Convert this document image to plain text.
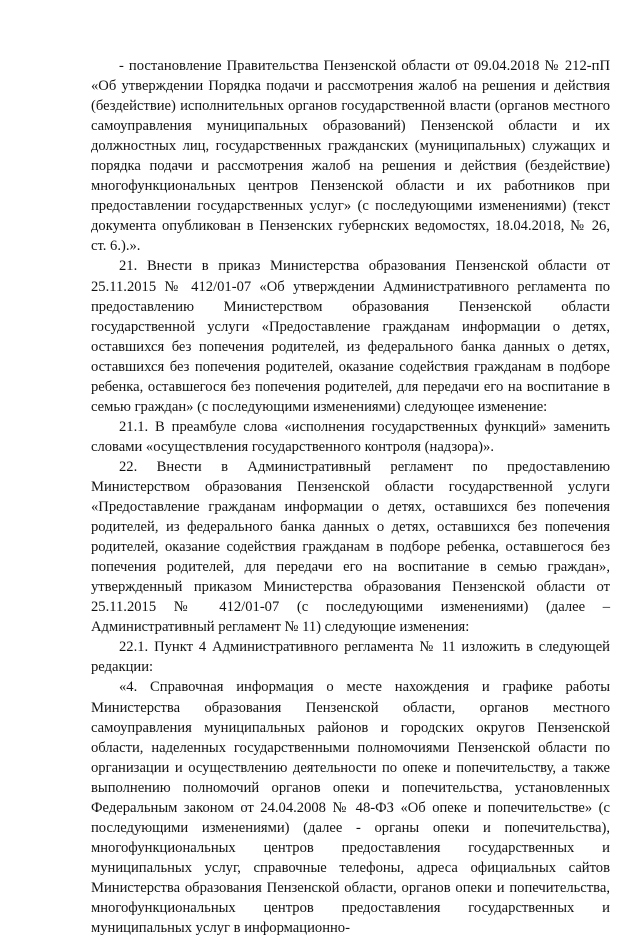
- постановление Правительства Пензенской области от 09.04.2018 № 212-пП «Об утверждении Порядка подачи и рассмотрения жалоб на решения и действия (бездействие) исполнительных органов государственной власти (органов местного самоуправления муниципальных образований) Пензенской области и их должностных лиц, государственных гражданских (муниципальных) служащих и порядка подачи и рассмотрения жалоб на решения и действия (бездействие) многофункциональных центров Пензенской области и их работников при предоставлении государственных услуг» (с последующими изменениями) (текст документа опубликован в Пензенских губернских ведомостях, 18.04.2018, № 26, ст. 6.).».

21. Внести в приказ Министерства образования Пензенской области от 25.11.2015 № 412/01-07 «Об утверждении Административного регламента по предоставлению Министерством образования Пензенской области государственной услуги «Предоставление гражданам информации о детях, оставшихся без попечения родителей, из федерального банка данных о детях, оставшихся без попечения родителей, оказание содействия гражданам в подборе ребенка, оставшегося без попечения родителей, для передачи его на воспитание в семью граждан» (с последующими изменениями) следующее изменение:

21.1. В преамбуле слова «исполнения государственных функций» заменить словами «осуществления государственного контроля (надзора)».

22. Внести в Административный регламент по предоставлению Министерством образования Пензенской области государственной услуги «Предоставление гражданам информации о детях, оставшихся без попечения родителей, из федерального банка данных о детях, оставшихся без попечения родителей, оказание содействия гражданам в подборе ребенка, оставшегося без попечения родителей, для передачи его на воспитание в семью граждан», утвержденный приказом Министерства образования Пензенской области от 25.11.2015 № 412/01-07 (с последующими изменениями) (далее – Административный регламент № 11) следующие изменения:

22.1. Пункт 4 Административного регламента № 11 изложить в следующей редакции:

«4. Справочная информация о месте нахождения и графике работы Министерства образования Пензенской области, органов местного самоуправления муниципальных районов и городских округов Пензенской области, наделенных государственными полномочиями Пензенской области по организации и осуществлению деятельности по опеке и попечительству, а также выполнению полномочий органов опеки и попечительства, установленных Федеральным законом от 24.04.2008 № 48-ФЗ «Об опеке и попечительстве» (с последующими изменениями) (далее - органы опеки и попечительства), многофункциональных центров предоставления государственных и муниципальных услуг, справочные телефоны, адреса официальных сайтов Министерства образования Пензенской области, органов опеки и попечительства, многофункциональных центров предоставления государственных и муниципальных услуг в информационно-
